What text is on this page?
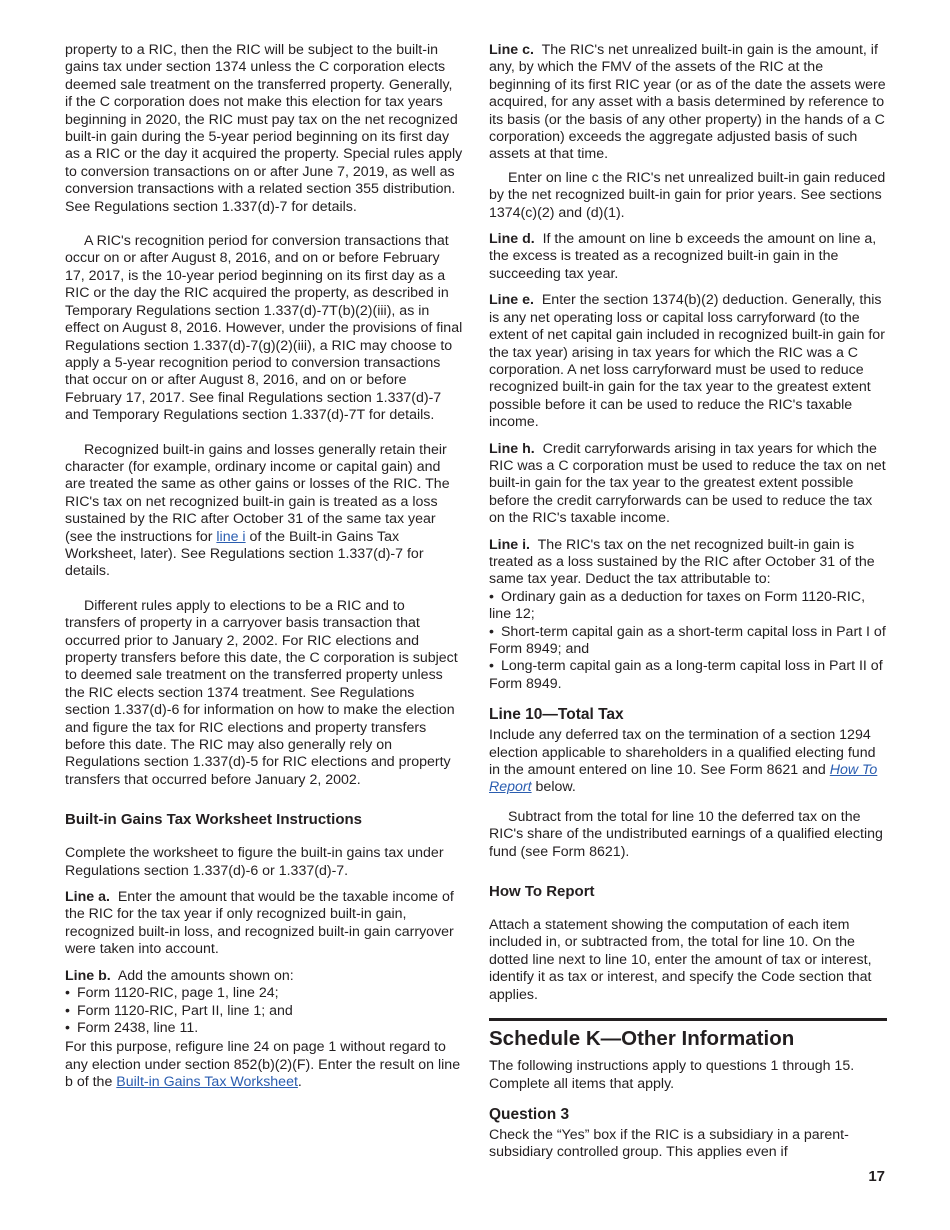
property to a RIC, then the RIC will be subject to the built-in gains tax under section 1374 unless the C corporation elects deemed sale treatment on the transferred property. Generally, if the C corporation does not make this election for tax years beginning in 2020, the RIC must pay tax on the net recognized built-in gain during the 5-year period beginning on its first day as a RIC or the day it acquired the property. Special rules apply to conversion transactions on or after June 7, 2019, as well as conversion transactions with a related section 355 distribution. See Regulations section 1.337(d)-7 for details.

A RIC's recognition period for conversion transactions that occur on or after August 8, 2016, and on or before February 17, 2017, is the 10-year period beginning on its first day as a RIC or the day the RIC acquired the property, as described in Temporary Regulations section 1.337(d)-7T(b)(2)(iii), as in effect on August 8, 2016. However, under the provisions of final Regulations section 1.337(d)-7(g)(2)(iii), a RIC may choose to apply a 5-year recognition period to conversion transactions that occur on or after August 8, 2016, and on or before February 17, 2017. See final Regulations section 1.337(d)-7 and Temporary Regulations section 1.337(d)-7T for details.

Recognized built-in gains and losses generally retain their character (for example, ordinary income or capital gain) and are treated the same as other gains or losses of the RIC. The RIC's tax on net recognized built-in gain is treated as a loss sustained by the RIC after October 31 of the same tax year (see the instructions for line i of the Built-in Gains Tax Worksheet, later). See Regulations section 1.337(d)-7 for details.

Different rules apply to elections to be a RIC and to transfers of property in a carryover basis transaction that occurred prior to January 2, 2002. For RIC elections and property transfers before this date, the C corporation is subject to deemed sale treatment on the transferred property unless the RIC elects section 1374 treatment. See Regulations section 1.337(d)-6 for information on how to make the election and figure the tax for RIC elections and property transfers before this date. The RIC may also generally rely on Regulations section 1.337(d)-5 for RIC elections and property transfers that occurred before January 2, 2002.

Built-in Gains Tax Worksheet Instructions

Complete the worksheet to figure the built-in gains tax under Regulations section 1.337(d)-6 or 1.337(d)-7.

Line a. Enter the amount that would be the taxable income of the RIC for the tax year if only recognized built-in gain, recognized built-in loss, and recognized built-in gain carryover were taken into account.

Line b. Add the amounts shown on:
• Form 1120-RIC, page 1, line 24;
• Form 1120-RIC, Part II, line 1; and
• Form 2438, line 11.

For this purpose, refigure line 24 on page 1 without regard to any election under section 852(b)(2)(F). Enter the result on line b of the Built-in Gains Tax Worksheet.

Line c. The RIC's net unrealized built-in gain is the amount, if any, by which the FMV of the assets of the RIC at the beginning of its first RIC year (or as of the date the assets were acquired, for any asset with a basis determined by reference to its basis (or the basis of any other property) in the hands of a C corporation) exceeds the aggregate adjusted basis of such assets at that time.

Enter on line c the RIC's net unrealized built-in gain reduced by the net recognized built-in gain for prior years. See sections 1374(c)(2) and (d)(1).

Line d. If the amount on line b exceeds the amount on line a, the excess is treated as a recognized built-in gain in the succeeding tax year.

Line e. Enter the section 1374(b)(2) deduction. Generally, this is any net operating loss or capital loss carryforward (to the extent of net capital gain included in recognized built-in gain for the tax year) arising in tax years for which the RIC was a C corporation. A net loss carryforward must be used to reduce recognized built-in gain for the tax year to the greatest extent possible before it can be used to reduce the RIC's taxable income.

Line h. Credit carryforwards arising in tax years for which the RIC was a C corporation must be used to reduce the tax on net built-in gain for the tax year to the greatest extent possible before the credit carryforwards can be used to reduce the tax on the RIC's taxable income.

Line i. The RIC's tax on the net recognized built-in gain is treated as a loss sustained by the RIC after October 31 of the same tax year. Deduct the tax attributable to:
• Ordinary gain as a deduction for taxes on Form 1120-RIC, line 12;
• Short-term capital gain as a short-term capital loss in Part I of Form 8949; and
• Long-term capital gain as a long-term capital loss in Part II of Form 8949.
Line 10—Total Tax

Include any deferred tax on the termination of a section 1294 election applicable to shareholders in a qualified electing fund in the amount entered on line 10. See Form 8621 and How To Report below.

Subtract from the total for line 10 the deferred tax on the RIC's share of the undistributed earnings of a qualified electing fund (see Form 8621).

How To Report

Attach a statement showing the computation of each item included in, or subtracted from, the total for line 10. On the dotted line next to line 10, enter the amount of tax or interest, identify it as tax or interest, and specify the Code section that applies.

Schedule K—Other Information

The following instructions apply to questions 1 through 15. Complete all items that apply.

Question 3

Check the “Yes” box if the RIC is a subsidiary in a parent-subsidiary controlled group. This applies even if

17
